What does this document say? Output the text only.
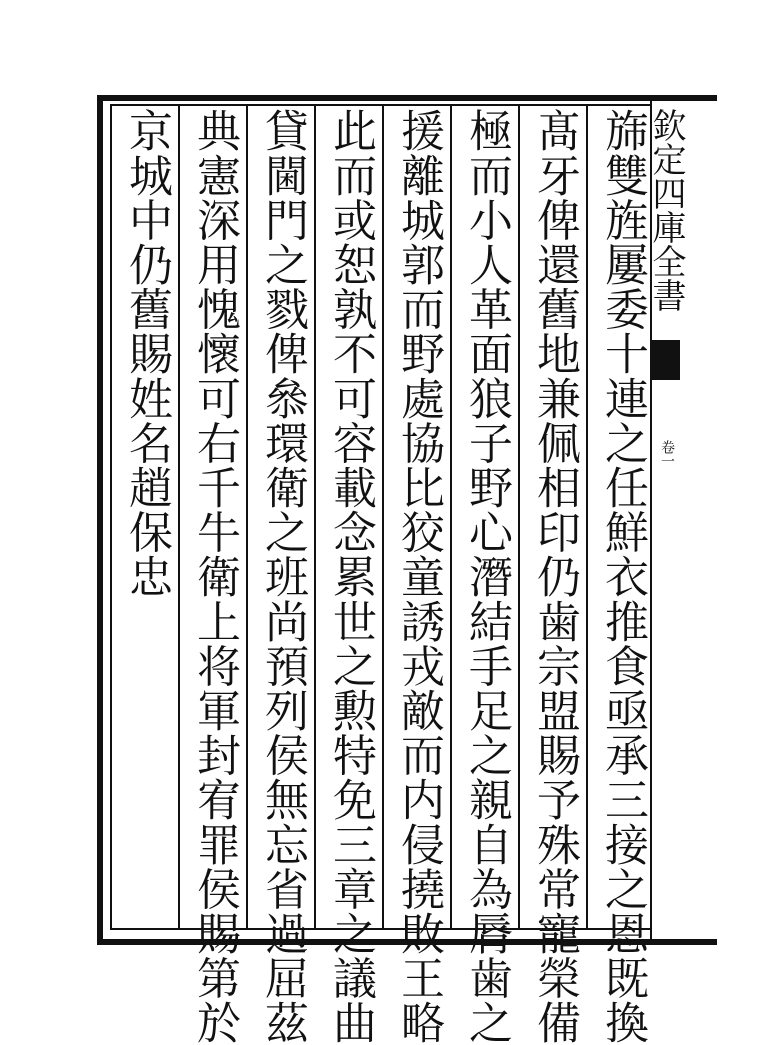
欽定四庫全書
卷一
旆雙旌屢委十連之任鮮衣推食亟承三接之恩既換
髙牙俾還舊地兼佩相印仍歯宗盟賜予殊常寵榮備
極而小人革面狼子野心潛結手足之親自為脣歯之
援離城郭而野處協比狡童誘戎敵而内侵撓敗王略
此而或恕孰不可容載念累世之勲特免三章之議曲
貸閫門之戮俾叅環衛之班尚預列侯無忘省過屈茲
典憲深用愧懷可右千牛衛上将軍封宥罪侯賜第於
京城中仍舊賜姓名趙保忠
